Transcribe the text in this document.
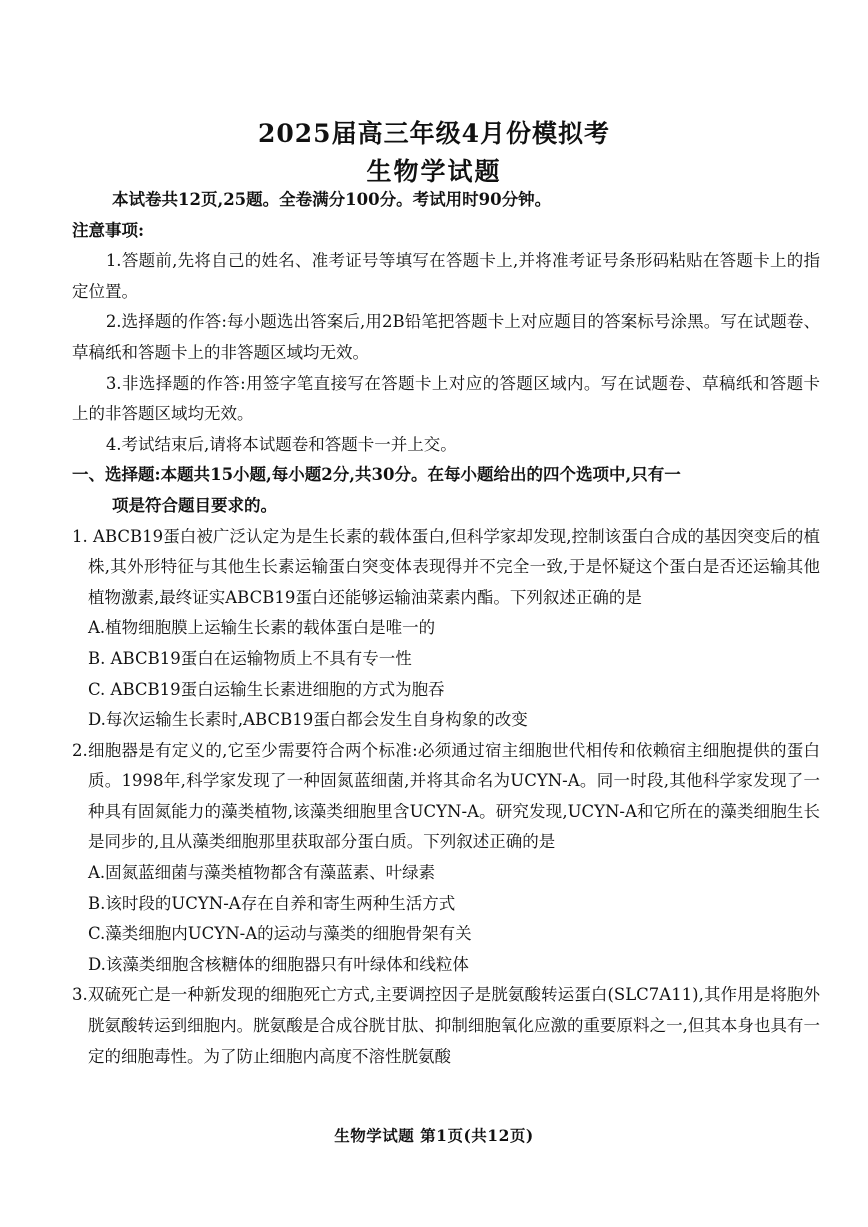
2025届高三年级4月份模拟考
生物学试题

本试卷共12页,25题。全卷满分100分。考试用时90分钟。

注意事项:

1.答题前,先将自己的姓名、准考证号等填写在答题卡上,并将准考证号条形码粘贴在答题卡上的指定位置。

2.选择题的作答:每小题选出答案后,用2B铅笔把答题卡上对应题目的答案标号涂黑。写在试题卷、草稿纸和答题卡上的非答题区域均无效。

3.非选择题的作答:用签字笔直接写在答题卡上对应的答题区域内。写在试题卷、草稿纸和答题卡上的非答题区域均无效。

4.考试结束后,请将本试题卷和答题卡一并上交。

一、选择题:本题共15小题,每小题2分,共30分。在每小题给出的四个选项中,只有一

项是符合题目要求的。

1. ABCB19蛋白被广泛认定为是生长素的载体蛋白,但科学家却发现,控制该蛋白合成的基因突变后的植株,其外形特征与其他生长素运输蛋白突变体表现得并不完全一致,于是怀疑这个蛋白是否还运输其他植物激素,最终证实ABCB19蛋白还能够运输油菜素内酯。下列叙述正确的是

A.植物细胞膜上运输生长素的载体蛋白是唯一的

B. ABCB19蛋白在运输物质上不具有专一性

C. ABCB19蛋白运输生长素进细胞的方式为胞吞

D.每次运输生长素时,ABCB19蛋白都会发生自身构象的改变

2.细胞器是有定义的,它至少需要符合两个标准:必须通过宿主细胞世代相传和依赖宿主细胞提供的蛋白质。1998年,科学家发现了一种固氮蓝细菌,并将其命名为UCYN-A。同一时段,其他科学家发现了一种具有固氮能力的藻类植物,该藻类细胞里含UCYN-A。研究发现,UCYN-A和它所在的藻类细胞生长是同步的,且从藻类细胞那里获取部分蛋白质。下列叙述正确的是

A.固氮蓝细菌与藻类植物都含有藻蓝素、叶绿素

B.该时段的UCYN-A存在自养和寄生两种生活方式

C.藻类细胞内UCYN-A的运动与藻类的细胞骨架有关

D.该藻类细胞含核糖体的细胞器只有叶绿体和线粒体

3.双硫死亡是一种新发现的细胞死亡方式,主要调控因子是胱氨酸转运蛋白(SLC7A11),其作用是将胞外胱氨酸转运到细胞内。胱氨酸是合成谷胱甘肽、抑制细胞氧化应激的重要原料之一,但其本身也具有一定的细胞毒性。为了防止细胞内高度不溶性胱氨酸

生物学试题 第1页(共12页)
